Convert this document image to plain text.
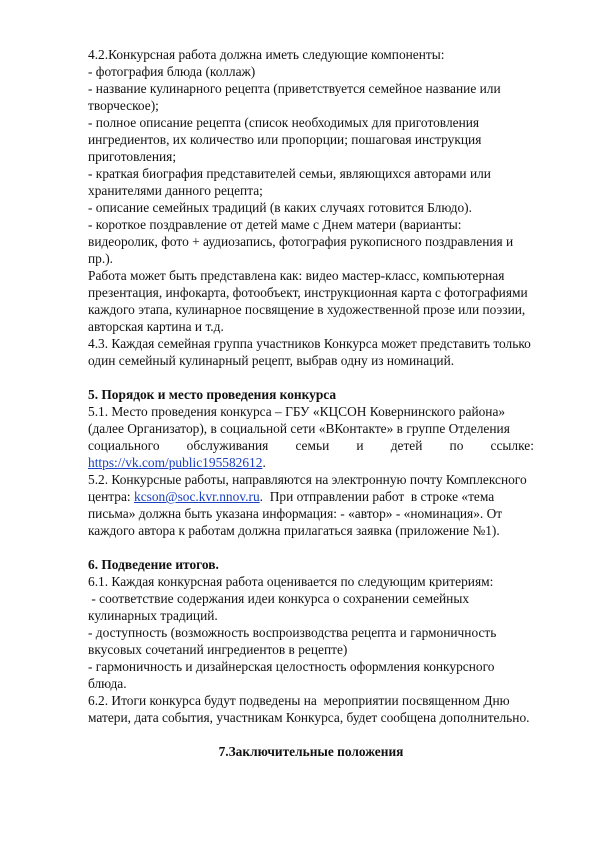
4.2.Конкурсная работа должна иметь следующие компоненты:
- фотография блюда (коллаж)
- название кулинарного рецепта (приветствуется семейное название или
творческое);
- полное описание рецепта (список необходимых для приготовления
ингредиентов, их количество или пропорции; пошаговая инструкция
приготовления;
- краткая биография представителей семьи, являющихся авторами или
хранителями данного рецепта;
- описание семейных традиций (в каких случаях готовится Блюдо).
- короткое поздравление от детей маме с Днем матери (варианты:
видеоролик, фото + аудиозапись, фотография рукописного поздравления и
пр.).
Работа может быть представлена как: видео мастер-класс, компьютерная
презентация, инфокарта, фотообъект, инструкционная карта с фотографиями
каждого этапа, кулинарное посвящение в художественной прозе или поэзии,
авторская картина и т.д.
4.3. Каждая семейная группа участников Конкурса может представить только
один семейный кулинарный рецепт, выбрав одну из номинаций.
5. Порядок и место проведения конкурса
5.1. Место проведения конкурса – ГБУ «КЦСОН Ковернинского района»
(далее Организатор), в социальной сети «ВКонтакте» в группе Отделения
социального обслуживания семьи и детей по ссылке:
https://vk.com/public195582612.
5.2. Конкурсные работы, направляются на электронную почту Комплексного
центра: kcson@soc.kvr.nnov.ru.  При отправлении работ  в строке «тема
письма» должна быть указана информация: - «автор» - «номинация». От
каждого автора к работам должна прилагаться заявка (приложение №1).
6. Подведение итогов.
6.1. Каждая конкурсная работа оценивается по следующим критериям:
- соответствие содержания идеи конкурса о сохранении семейных
кулинарных традиций.
- доступность (возможность воспроизводства рецепта и гармоничность
вкусовых сочетаний ингредиентов в рецепте)
- гармоничность и дизайнерская целостность оформления конкурсного
блюда.
6.2. Итоги конкурса будут подведены на  мероприятии посвященном Дню
матери, дата события, участникам Конкурса, будет сообщена дополнительно.
7.Заключительные положения
